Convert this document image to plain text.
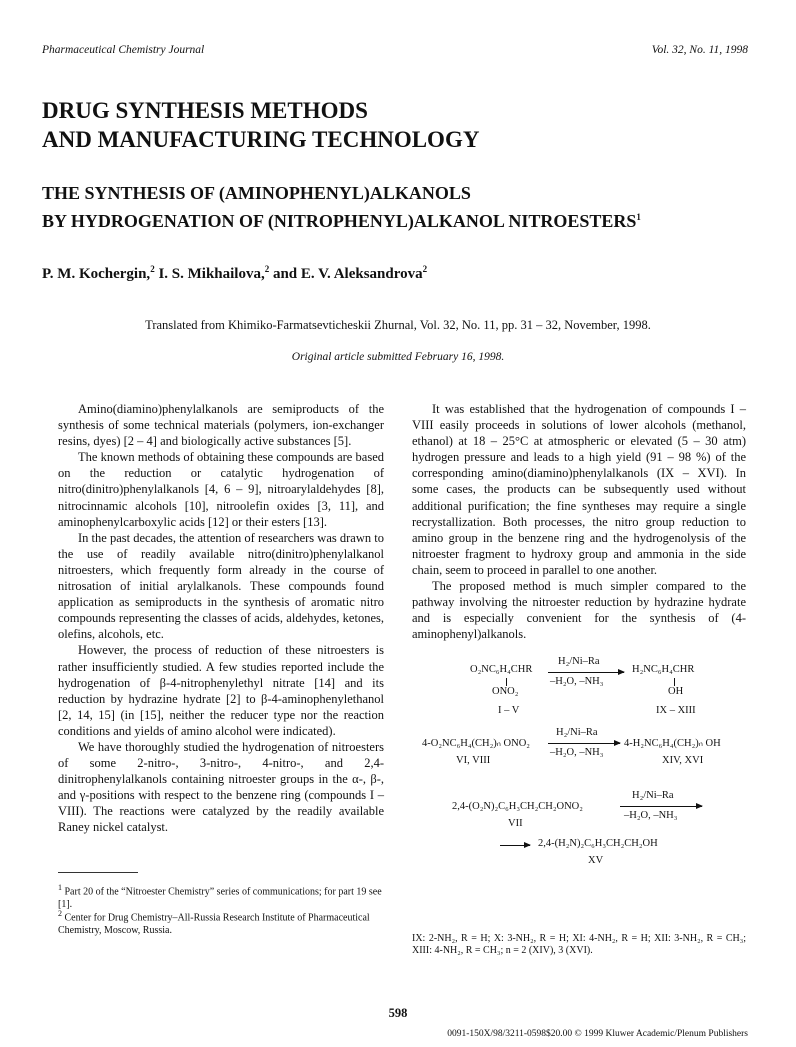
Pharmaceutical Chemistry Journal	Vol. 32, No. 11, 1998
DRUG SYNTHESIS METHODS
AND MANUFACTURING TECHNOLOGY
THE SYNTHESIS OF (AMINOPHENYL)ALKANOLS
BY HYDROGENATION OF (NITROPHENYL)ALKANOL NITROESTERS$^1$
P. M. Kochergin,$^2$ I. S. Mikhailova,$^2$ and E. V. Aleksandrova$^2$
Translated from Khimiko-Farmatsevticheskii Zhurnal, Vol. 32, No. 11, pp. 31 – 32, November, 1998.
Original article submitted February 16, 1998.

Amino(diamino)phenylalkanols are semiproducts of the synthesis of some technical materials (polymers, ion-exchanger resins, dyes) [2 – 4] and biologically active substances [5].

The known methods of obtaining these compounds are based on the reduction or catalytic hydrogenation of nitro(dinitro)phenylalkanols [4, 6 – 9], nitroarylaldehydes [8], nitrocinnamic alcohols [10], nitroolefin oxides [3, 11], and aminophenylcarboxylic acids [12] or their esters [13].

In the past decades, the attention of researchers was drawn to the use of readily available nitro(dinitro)phenylalkanol nitroesters, which frequently form already in the course of nitrosation of initial arylalkanols. These compounds found application as semiproducts in the synthesis of aromatic nitro compounds representing the classes of acids, aldehydes, ketones, olefins, alcohols, etc.

However, the process of reduction of these nitroesters is rather insufficiently studied. A few studies reported include the hydrogenation of β-4-nitrophenylethyl nitrate [14] and its reduction by hydrazine hydrate [2] to β-4-aminophenylethanol [2, 14, 15] (in [15], neither the reducer type nor the reaction conditions and yields of amino alcohol were indicated).

We have thoroughly studied the hydrogenation of nitroesters of some 2-nitro-, 3-nitro-, 4-nitro-, and 2,4-dinitrophenylalkanols containing nitroester groups in the α-, β-, and γ-positions with respect to the benzene ring (compounds I – VIII). The reactions were catalyzed by the readily available Raney nickel catalyst.

It was established that the hydrogenation of compounds I – VIII easily proceeds in solutions of lower alcohols (methanol, ethanol) at 18 – 25°C at atmospheric or elevated (5 – 30 atm) hydrogen pressure and leads to a high yield (91 – 98 %) of the corresponding amino(diamino)phenylalkanols (IX – XVI). In some cases, the products can be subsequently used without additional purification; the fine syntheses may require a single recrystallization. Both processes, the nitro group reduction to amino group in the benzene ring and the hydrogenolysis of the nitroester fragment to hydroxy group and ammonia in the side chain, seem to proceed in parallel to one another.

The proposed method is much simpler compared to the pathway involving the nitroester reduction by hydrazine hydrate and is especially convenient for the synthesis of (4-aminophenyl)alkanols.

O₂NC₆H₄CHR
ONO₂
I – V
H₂/Ni–Ra
–H₂O, –NH₃
H₂NC₆H₄CHR
OH
IX – XIII
4-O₂NC₆H₄(CH₂)ₙ ONO₂
VI, VIII
H₂/Ni–Ra
–H₂O, –NH₃
4-H₂NC₆H₄(CH₂)ₙ OH
XIV, XVI
2,4-(O₂N)₂C₆H₃CH₂CH₂ONO₂
VII
H₂/Ni–Ra
–H₂O, –NH₃
→ 2,4-(H₂N)₂C₆H₃CH₂CH₂OH
XV
IX: 2-NH₂, R = H; X: 3-NH₂, R = H; XI: 4-NH₂, R = H; XII: 3-NH₂, R = CH₃; XIII: 4-NH₂, R = CH₃; n = 2 (XIV), 3 (XVI).
$^1$ Part 20 of the “Nitroester Chemistry” series of communications; for part 19 see [1].
$^2$ Center for Drug Chemistry–All-Russia Research Institute of Pharmaceutical Chemistry, Moscow, Russia.
598
0091-150X/98/3211-0598$20.00 © 1999 Kluwer Academic/Plenum Publishers
